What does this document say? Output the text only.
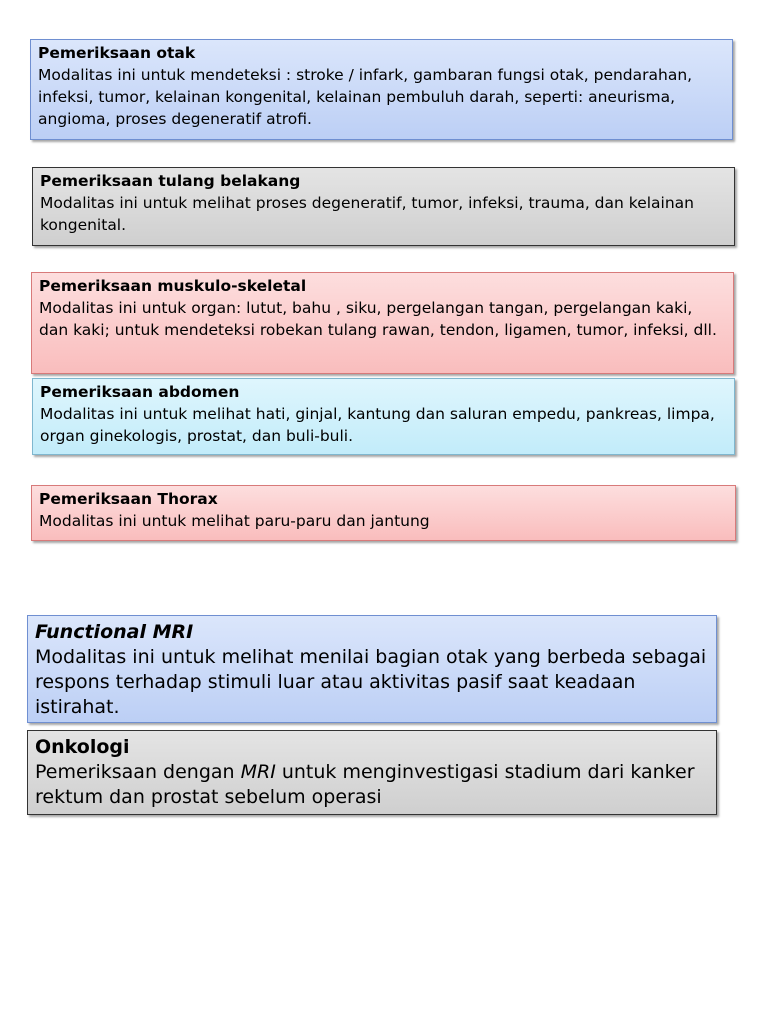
Pemeriksaan otak
Modalitas ini untuk mendeteksi : stroke / infark, gambaran fungsi otak, pendarahan, infeksi, tumor, kelainan kongenital, kelainan pembuluh darah, seperti: aneurisma, angioma, proses degeneratif atrofi.
Pemeriksaan tulang belakang
Modalitas ini untuk melihat proses degeneratif, tumor, infeksi, trauma, dan kelainan kongenital.
Pemeriksaan muskulo-skeletal
Modalitas ini untuk organ: lutut, bahu , siku, pergelangan tangan, pergelangan kaki, dan kaki; untuk mendeteksi robekan tulang rawan, tendon, ligamen, tumor, infeksi, dll.
Pemeriksaan abdomen
Modalitas ini untuk melihat hati, ginjal, kantung dan saluran empedu, pankreas, limpa, organ ginekologis, prostat, dan buli-buli.
Pemeriksaan Thorax
Modalitas ini untuk melihat paru-paru dan jantung
Functional MRI
Modalitas ini untuk melihat menilai bagian otak yang berbeda sebagai respons terhadap stimuli luar atau aktivitas pasif saat keadaan istirahat.
Onkologi
Pemeriksaan dengan MRI untuk menginvestigasi stadium dari kanker rektum dan prostat sebelum operasi
